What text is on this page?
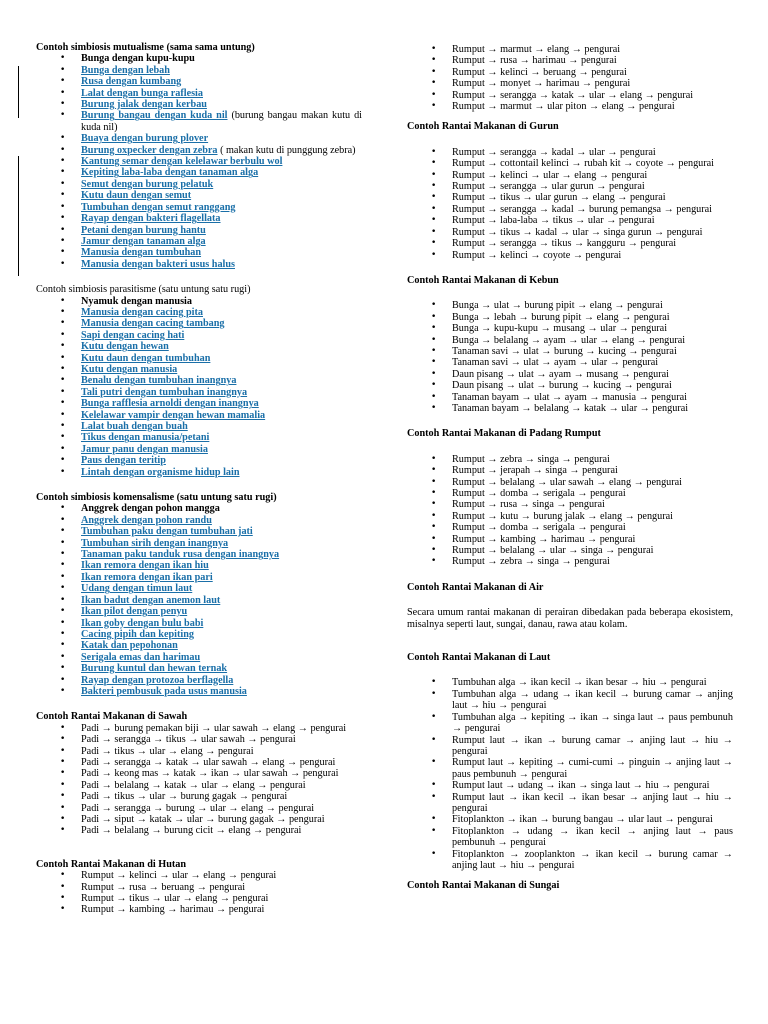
Contoh simbiosis mutualisme (sama sama untung)

• Bunga dengan kupu-kupu
• Bunga dengan lebah
• Rusa dengan kumbang
• Lalat dengan bunga raflesia
• Burung jalak dengan kerbau
• Burung bangau dengan kuda nil (burung bangau makan kutu di kuda nil)
• Buaya dengan burung plover
• Burung oxpecker dengan zebra ( makan kutu di punggung zebra)
• Kantung semar dengan kelelawar berbulu wol
• Kepiting laba-laba dengan tanaman alga
• Semut dengan burung pelatuk
• Kutu daun dengan semut
• Tumbuhan dengan semut ranggang
• Rayap dengan bakteri flagellata
• Petani dengan burung hantu
• Jamur dengan tanaman alga
• Manusia dengan tumbuhan
• Manusia dengan bakteri usus halus

Contoh simbiosis parasitisme (satu untung satu rugi)

• Nyamuk dengan manusia
• Manusia dengan cacing pita
• Manusia dengan cacing tambang
• Sapi dengan cacing hati
• Kutu dengan hewan
• Kutu daun dengan tumbuhan
• Kutu dengan manusia
• Benalu dengan tumbuhan inangnya
• Tali putri dengan tumbuhan inangnya
• Bunga rafflesia arnoldi dengan inangnya
• Kelelawar vampir dengan hewan mamalia
• Lalat buah dengan buah
• Tikus dengan manusia/petani
• Jamur panu dengan manusia
• Paus dengan teritip
• Lintah dengan organisme hidup lain

Contoh simbiosis komensalisme (satu untung satu rugi)

• Anggrek dengan pohon mangga
• Anggrek dengan pohon randu
• Tumbuhan paku dengan tumbuhan jati
• Tumbuhan sirih dengan inangnya
• Tanaman paku tanduk rusa dengan inangnya
• Ikan remora dengan ikan hiu
• Ikan remora dengan ikan pari
• Udang dengan timun laut
• Ikan badut dengan anemon laut
• Ikan pilot dengan penyu
• Ikan goby dengan bulu babi
• Cacing pipih dan kepiting
• Katak dan pepohonan
• Serigala emas dan harimau
• Burung kuntul dan hewan ternak
• Rayap dengan protozoa berflagella
• Bakteri pembusuk pada usus manusia

Contoh Rantai Makanan di Sawah

• Padi → burung pemakan biji → ular sawah → elang → pengurai
• Padi → serangga → tikus → ular sawah → pengurai
• Padi → tikus → ular → elang → pengurai
• Padi → serangga → katak → ular sawah → elang → pengurai
• Padi → keong mas → katak → ikan → ular sawah → pengurai
• Padi → belalang → katak → ular → elang → pengurai
• Padi → tikus → ular → burung gagak → pengurai
• Padi → serangga → burung → ular → elang → pengurai
• Padi → siput → katak → ular → burung gagak → pengurai
• Padi → belalang → burung cicit → elang → pengurai

Contoh Rantai Makanan di Hutan

• Rumput → kelinci → ular → elang → pengurai
• Rumput → rusa → beruang → pengurai
• Rumput → tikus → ular → elang → pengurai
• Rumput → kambing → harimau → pengurai
• Rumput → marmut → elang → pengurai
• Rumput → rusa → harimau → pengurai
• Rumput → kelinci → beruang → pengurai
• Rumput → monyet → harimau → pengurai
• Rumput → serangga → katak → ular → elang → pengurai
• Rumput → marmut → ular piton → elang → pengurai

Contoh Rantai Makanan di Gurun

• Rumput → serangga → kadal → ular → pengurai
• Rumput → cottontail kelinci → rubah kit → coyote → pengurai
• Rumput → kelinci → ular → elang → pengurai
• Rumput → serangga → ular gurun → pengurai
• Rumput → tikus → ular gurun → elang → pengurai
• Rumput → serangga → kadal → burung pemangsa → pengurai
• Rumput → laba-laba → tikus → ular → pengurai
• Rumput → tikus → kadal → ular → singa gurun → pengurai
• Rumput → serangga → tikus → kangguru → pengurai
• Rumput → kelinci → coyote → pengurai

Contoh Rantai Makanan di Kebun

• Bunga → ulat → burung pipit → elang → pengurai
• Bunga → lebah → burung pipit → elang → pengurai
• Bunga → kupu-kupu → musang → ular → pengurai
• Bunga → belalang → ayam → ular → elang → pengurai
• Tanaman savi → ulat → burung → kucing → pengurai
• Tanaman savi → ulat → ayam → ular → pengurai
• Daun pisang → ulat → ayam → musang → pengurai
• Daun pisang → ulat → burung → kucing → pengurai
• Tanaman bayam → ulat → ayam → manusia → pengurai
• Tanaman bayam → belalang → katak → ular → pengurai

Contoh Rantai Makanan di Padang Rumput

• Rumput → zebra → singa → pengurai
• Rumput → jerapah → singa → pengurai
• Rumput → belalang → ular sawah → elang → pengurai
• Rumput → domba → serigala → pengurai
• Rumput → rusa → singa → pengurai
• Rumput → kutu → burung jalak → elang → pengurai
• Rumput → domba → serigala → pengurai
• Rumput → kambing → harimau → pengurai
• Rumput → belalang → ular → singa → pengurai
• Rumput → zebra → singa → pengurai

Contoh Rantai Makanan di Air

Secara umum rantai makanan di perairan dibedakan pada beberapa ekosistem, misalnya seperti laut, sungai, danau, rawa atau kolam.

Contoh Rantai Makanan di Laut

• Tumbuhan alga → ikan kecil → ikan besar → hiu → pengurai
• Tumbuhan alga → udang → ikan kecil → burung camar → anjing laut → hiu → pengurai
• Tumbuhan alga → kepiting → ikan → singa laut → paus pembunuh → pengurai
• Rumput laut → ikan → burung camar → anjing laut → hiu → pengurai
• Rumput laut → kepiting → cumi-cumi → pinguin → anjing laut → paus pembunuh → pengurai
• Rumput laut → udang → ikan → singa laut → hiu → pengurai
• Rumput laut → ikan kecil → ikan besar → anjing laut → hiu → pengurai
• Fitoplankton → ikan → burung bangau → ular laut → pengurai
• Fitoplankton → udang → ikan kecil → anjing laut → paus pembunuh → pengurai
• Fitoplankton → zooplankton → ikan kecil → burung camar → anjing laut → hiu → pengurai

Contoh Rantai Makanan di Sungai
